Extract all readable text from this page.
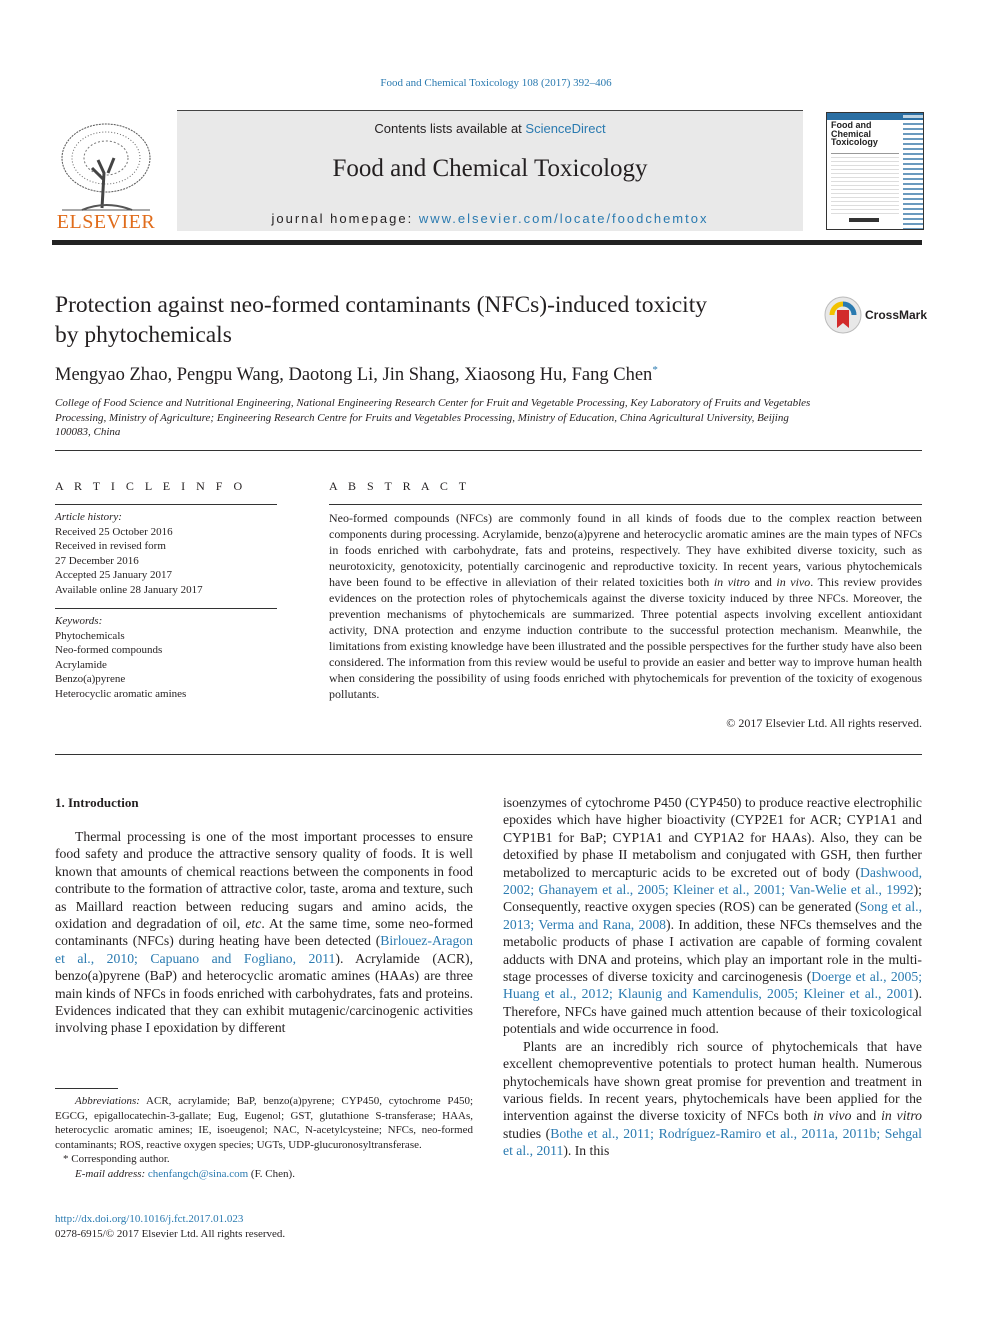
Food and Chemical Toxicology 108 (2017) 392–406
ELSEVIER
Contents lists available at ScienceDirect
Food and Chemical Toxicology
journal homepage: www.elsevier.com/locate/foodchemtox
Food and
Chemical
Toxicology
Protection against neo-formed contaminants (NFCs)-induced toxicity
by phytochemicals
CrossMark
Mengyao Zhao, Pengpu Wang, Daotong Li, Jin Shang, Xiaosong Hu, Fang Chen*
College of Food Science and Nutritional Engineering, National Engineering Research Center for Fruit and Vegetable Processing, Key Laboratory of Fruits and Vegetables Processing, Ministry of Agriculture; Engineering Research Centre for Fruits and Vegetables Processing, Ministry of Education, China Agricultural University, Beijing 100083, China
A R T I C L E I N F O	A B S T R A C T
Article history:
Received 25 October 2016
Received in revised form
27 December 2016
Accepted 25 January 2017
Available online 28 January 2017
Keywords:
Phytochemicals
Neo-formed compounds
Acrylamide
Benzo(a)pyrene
Heterocyclic aromatic amines
Neo-formed compounds (NFCs) are commonly found in all kinds of foods due to the complex reaction between components during processing. Acrylamide, benzo(a)pyrene and heterocyclic aromatic amines are the main types of NFCs in foods enriched with carbohydrate, fats and proteins, respectively. They have exhibited diverse toxicity, such as neurotoxicity, genotoxicity, potentially carcinogenic and reproductive toxicity. In recent years, various phytochemicals have been found to be effective in alleviation of their related toxicities both in vitro and in vivo. This review provides evidences on the protection roles of phytochemicals against the diverse toxicity induced by three NFCs. Moreover, the prevention mechanisms of phytochemicals are summarized. Three potential aspects involving excellent antioxidant activity, DNA protection and enzyme induction contribute to the successful protection mechanism. Meanwhile, the limitations from existing knowledge have been illustrated and the possible perspectives for the further study have also been considered. The information from this review would be useful to provide an easier and better way to improve human health when considering the possibility of using foods enriched with phytochemicals for prevention of the toxicity of exogenous pollutants.
© 2017 Elsevier Ltd. All rights reserved.
1. Introduction

Thermal processing is one of the most important processes to ensure food safety and produce the attractive sensory quality of foods. It is well known that amounts of chemical reactions between the components in food contribute to the formation of attractive color, taste, aroma and texture, such as Maillard reaction between reducing sugars and amino acids, the oxidation and degradation of oil, etc. At the same time, some neo-formed contaminants (NFCs) during heating have been detected (Birlouez-Aragon et al., 2010; Capuano and Fogliano, 2011). Acrylamide (ACR), benzo(a)pyrene (BaP) and heterocyclic aromatic amines (HAAs) are three main kinds of NFCs in foods enriched with carbohydrates, fats and proteins. Evidences indicated that they can exhibit mutagenic/carcinogenic activities involving phase I epoxidation by different

isoenzymes of cytochrome P450 (CYP450) to produce reactive electrophilic epoxides which have higher bioactivity (CYP2E1 for ACR; CYP1A1 and CYP1B1 for BaP; CYP1A1 and CYP1A2 for HAAs). Also, they can be detoxified by phase II metabolism and conjugated with GSH, then further metabolized to mercapturic acids to be excreted out of body (Dashwood, 2002; Ghanayem et al., 2005; Kleiner et al., 2001; Van-Welie et al., 1992); Consequently, reactive oxygen species (ROS) can be generated (Song et al., 2013; Verma and Rana, 2008). In addition, these NFCs themselves and the metabolic products of phase I activation are capable of forming covalent adducts with DNA and proteins, which play an important role in the multi-stage processes of diverse toxicity and carcinogenesis (Doerge et al., 2005; Huang et al., 2012; Klaunig and Kamendulis, 2005; Kleiner et al., 2001). Therefore, NFCs have gained much attention because of their toxicological potentials and wide occurrence in food.

Plants are an incredibly rich source of phytochemicals that have excellent chemopreventive potentials to protect human health. Numerous phytochemicals have shown great promise for prevention and treatment in various fields. In recent years, phytochemicals have been applied for the intervention against the diverse toxicity of NFCs both in vivo and in vitro studies (Bothe et al., 2011; Rodríguez-Ramiro et al., 2011a, 2011b; Sehgal et al., 2011). In this

Abbreviations: ACR, acrylamide; BaP, benzo(a)pyrene; CYP450, cytochrome P450; EGCG, epigallocatechin-3-gallate; Eug, Eugenol; GST, glutathione S-transferase; HAAs, heterocyclic aromatic amines; IE, isoeugenol; NAC, N-acetylcysteine; NFCs, neo-formed contaminants; ROS, reactive oxygen species; UGTs, UDP-glucuronosyltransferase.
* Corresponding author.
E-mail address: chenfangch@sina.com (F. Chen).
http://dx.doi.org/10.1016/j.fct.2017.01.023
0278-6915/© 2017 Elsevier Ltd. All rights reserved.
